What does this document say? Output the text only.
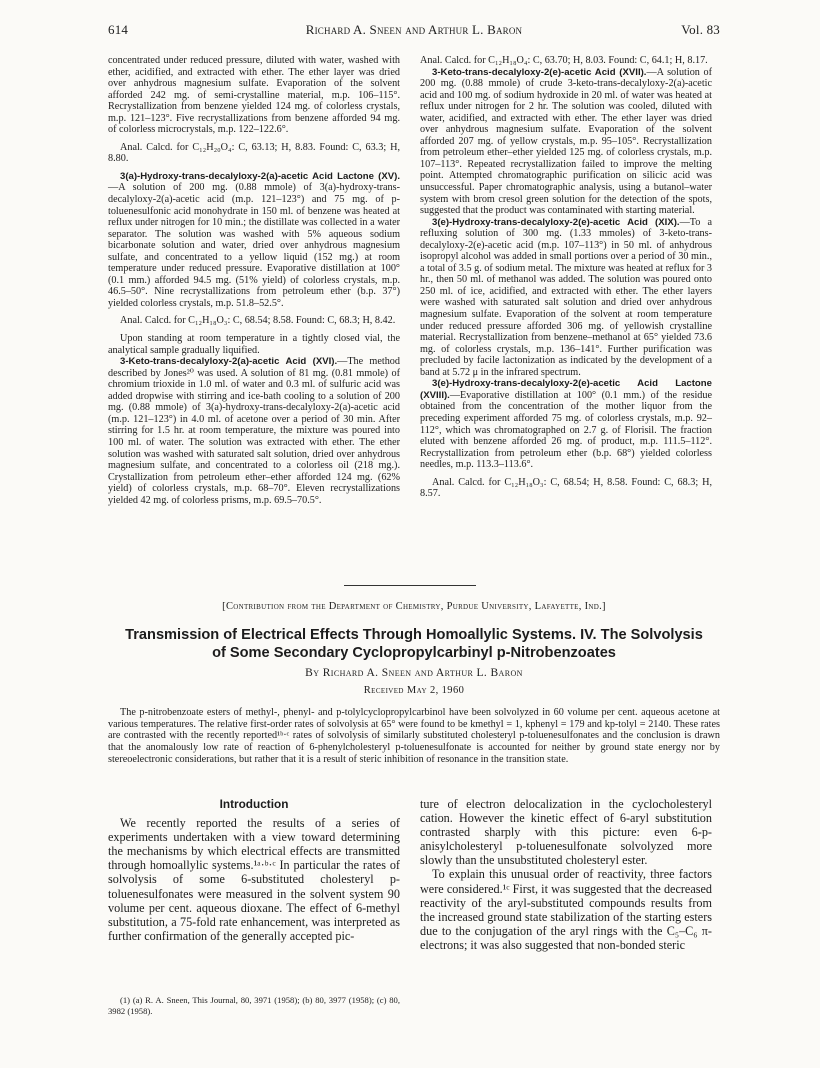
614	Richard A. Sneen and Arthur L. Baron	Vol. 83

concentrated under reduced pressure, diluted with water, washed with ether, acidified, and extracted with ether. The ether layer was dried over anhydrous magnesium sulfate. Evaporation of the solvent afforded 242 mg. of semi-crystalline material, m.p. 106–115°. Recrystallization from benzene yielded 124 mg. of colorless crystals, m.p. 121–123°. Five recrystallizations from benzene afforded 94 mg. of colorless microcrystals, m.p. 122–122.6°.

Anal. Calcd. for C₁₂H₂₀O₄: C, 63.13; H, 8.83. Found: C, 63.3; H, 8.80.

3(a)-Hydroxy-trans-decalyloxy-2(a)-acetic Acid Lactone (XV).—A solution of 200 mg. (0.88 mmole) of 3(a)-hydroxy-trans-decalyloxy-2(a)-acetic acid (m.p. 121–123°) and 75 mg. of p-toluenesulfonic acid monohydrate in 150 ml. of benzene was heated at reflux under nitrogen for 10 min.; the distillate was collected in a water separator. The solution was washed with 5% aqueous sodium bicarbonate solution and water, dried over anhydrous magnesium sulfate, and concentrated to a yellow liquid (152 mg.) at room temperature under reduced pressure. Evaporative distillation at 100° (0.1 mm.) afforded 94.5 mg. (51% yield) of colorless crystals, m.p. 46.5–50°. Nine recrystallizations from petroleum ether (b.p. 37°) yielded colorless crystals, m.p. 51.8–52.5°.

Anal. Calcd. for C₁₂H₁₈O₃: C, 68.54; 8.58. Found: C, 68.3; H, 8.42.

Upon standing at room temperature in a tightly closed vial, the analytical sample gradually liquified.

3-Keto-trans-decalyloxy-2(a)-acetic Acid (XVI).—The method described by Jones²⁰ was used. A solution of 81 mg. (0.81 mmole) of chromium trioxide in 1.0 ml. of water and 0.3 ml. of sulfuric acid was added dropwise with stirring and ice-bath cooling to a solution of 200 mg. (0.88 mmole) of 3(a)-hydroxy-trans-decalyloxy-2(a)-acetic acid (m.p. 121–123°) in 4.0 ml. of acetone over a period of 30 min. After stirring for 1.5 hr. at room temperature, the mixture was poured into 100 ml. of water. The solution was extracted with ether. The ether solution was washed with saturated salt solution, dried over anhydrous magnesium sulfate, and concentrated to a colorless oil (218 mg.). Crystallization from petroleum ether–ether afforded 124 mg. (62% yield) of colorless crystals, m.p. 68–70°. Eleven recrystallizations yielded 42 mg. of colorless prisms, m.p. 69.5–70.5°.

Anal. Calcd. for C₁₂H₁₈O₄: C, 63.70; H, 8.03. Found: C, 64.1; H, 8.17.

3-Keto-trans-decalyloxy-2(e)-acetic Acid (XVII).—A solution of 200 mg. (0.88 mmole) of crude 3-keto-trans-decalyloxy-2(a)-acetic acid and 100 mg. of sodium hydroxide in 20 ml. of water was heated at reflux under nitrogen for 2 hr. The solution was cooled, diluted with water, acidified, and extracted with ether. The ether layer was dried over anhydrous magnesium sulfate. Evaporation of the solvent afforded 207 mg. of yellow crystals, m.p. 95–105°. Recrystallization from petroleum ether–ether yielded 125 mg. of colorless crystals, m.p. 107–113°. Repeated recrystallization failed to improve the melting point. Attempted chromatographic purification on silicic acid was unsuccessful. Paper chromatographic analysis, using a butanol–water system with brom cresol green solution for the detection of the spots, suggested that the product was contaminated with starting material.

3(e)-Hydroxy-trans-decalyloxy-2(e)-acetic Acid (XIX).—To a refluxing solution of 300 mg. (1.33 mmoles) of 3-keto-trans-decalyloxy-2(e)-acetic acid (m.p. 107–113°) in 50 ml. of anhydrous isopropyl alcohol was added in small portions over a period of 30 min., a total of 3.5 g. of sodium metal. The mixture was heated at reflux for 3 hr., then 50 ml. of methanol was added. The solution was poured onto 250 ml. of ice, acidified, and extracted with ether. The ether layers were washed with saturated salt solution and dried over anhydrous magnesium sulfate. Evaporation of the solvent at room temperature under reduced pressure afforded 306 mg. of yellowish crystalline material. Recrystallization from benzene–methanol at 65° yielded 73.6 mg. of colorless crystals, m.p. 136–141°. Further purification was precluded by facile lactonization as indicated by the development of a band at 5.72 μ in the infrared spectrum.

3(e)-Hydroxy-trans-decalyloxy-2(e)-acetic Acid Lactone (XVIII).—Evaporative distillation at 100° (0.1 mm.) of the residue obtained from the concentration of the mother liquor from the preceding experiment afforded 75 mg. of colorless crystals, m.p. 92–112°, which was chromatographed on 2.7 g. of Florisil. The fraction eluted with benzene afforded 26 mg. of product, m.p. 111.5–112°. Recrystallization from petroleum ether (b.p. 68°) yielded colorless needles, m.p. 113.3–113.6°.

Anal. Calcd. for C₁₂H₁₈O₃: C, 68.54; H, 8.58. Found: C, 68.3; H, 8.57.

[Contribution from the Department of Chemistry, Purdue University, Lafayette, Ind.]
Transmission of Electrical Effects Through Homoallylic Systems. IV. The Solvolysis
of Some Secondary Cyclopropylcarbinyl p-Nitrobenzoates
By Richard A. Sneen and Arthur L. Baron
Received May 2, 1960

The p-nitrobenzoate esters of methyl-, phenyl- and p-tolylcyclopropylcarbinol have been solvolyzed in 60 volume per cent. aqueous acetone at various temperatures. The relative first-order rates of solvolysis at 65° were found to be kmethyl = 1, kphenyl = 179 and kp-tolyl = 2140. These rates are contrasted with the recently reported¹ᵇ·ᶜ rates of solvolysis of similarly substituted cholesteryl p-toluenesulfonates and the conclusion is drawn that the anomalously low rate of reaction of 6-phenylcholesteryl p-toluenesulfonate is accounted for neither by ground state energy nor by stereoelectronic considerations, but rather that it is a result of steric inhibition of resonance in the transition state.

Introduction

We recently reported the results of a series of experiments undertaken with a view toward determining the mechanisms by which electrical effects are transmitted through homoallylic systems.¹ᵃ·ᵇ·ᶜ In particular the rates of solvolysis of some 6-substituted cholesteryl p-toluenesulfonates were measured in the solvent system 90 volume per cent. aqueous dioxane. The effect of 6-methyl substitution, a 75-fold rate enhancement, was interpreted as further confirmation of the generally accepted pic-

(1) (a) R. A. Sneen, This Journal, 80, 3971 (1958); (b) 80, 3977 (1958); (c) 80, 3982 (1958).

ture of electron delocalization in the cyclocholesteryl cation. However the kinetic effect of 6-aryl substitution contrasted sharply with this picture: even 6-p-anisylcholesteryl p-toluenesulfonate solvolyzed more slowly than the unsubstituted cholesteryl ester.

To explain this unusual order of reactivity, three factors were considered.¹ᶜ First, it was suggested that the decreased reactivity of the aryl-substituted compounds results from the increased ground state stabilization of the starting esters due to the conjugation of the aryl rings with the C₅–C₆ π-electrons; it was also suggested that non-bonded steric
